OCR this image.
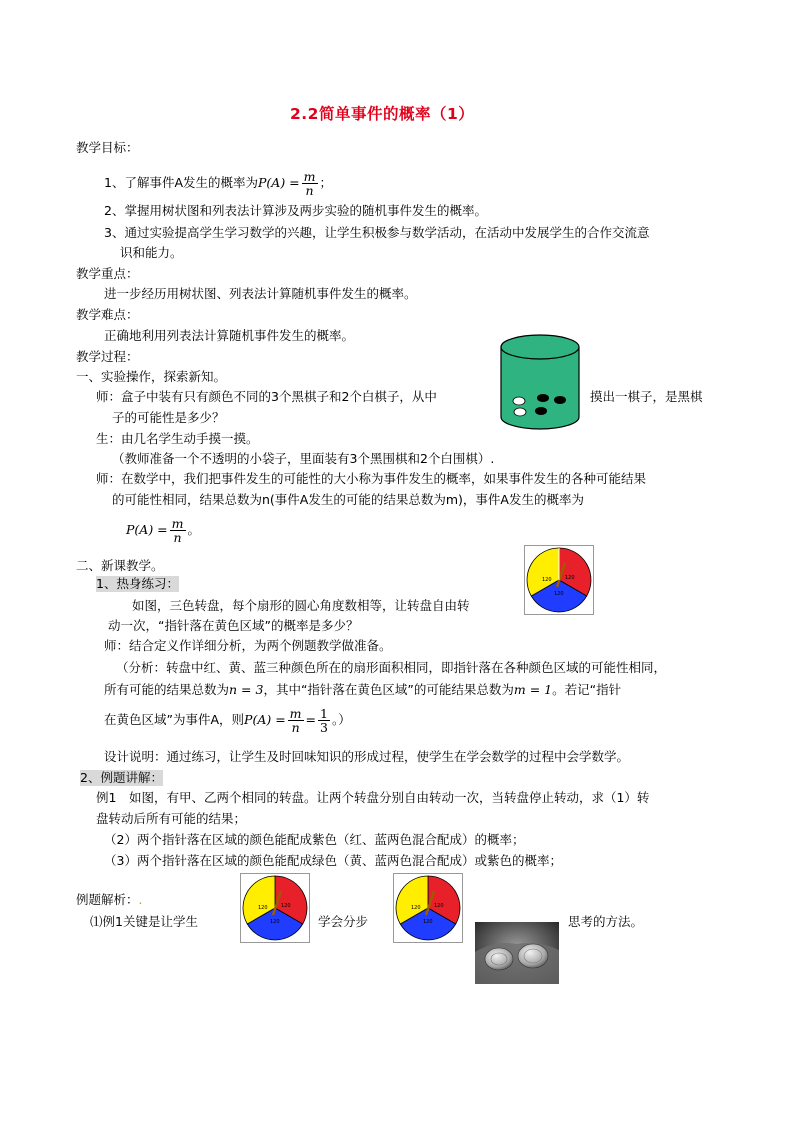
2.2简单事件的概率（1）
教学目标：
1、了解事件A发生的概率为$P(A) = \frac{m}{n}$ ；
2、掌握用树状图和列表法计算涉及两步实验的随机事件发生的概率。
3、通过实验提高学生学习数学的兴趣，让学生积极参与数学活动，在活动中发展学生的合作交流意
识和能力。
教学重点：
进一步经历用树状图、列表法计算随机事件发生的概率。
教学难点：
正确地利用列表法计算随机事件发生的概率。
教学过程：
一、实验操作，探索新知。
师：盒子中装有只有颜色不同的3个黑棋子和2个白棋子，从中	摸出一棋子，是黑棋
子的可能性是多少？
生：由几名学生动手摸一摸。
（教师准备一个不透明的小袋子，里面装有3个黑围棋和2个白围棋）.
师：在数学中，我们把事件发生的可能性的大小称为事件发生的概率，如果事件发生的各种可能结果
的可能性相同，结果总数为n(事件A发生的可能的结果总数为m)，事件A发生的概率为
$P(A) = \frac{m}{n}$ 。
二、新课教学。
1、热身练习：
如图，三色转盘，每个扇形的圆心角度数相等，让转盘自由转
动一次，“指针落在黄色区域”的概率是多少？
师：结合定义作详细分析，为两个例题教学做准备。
（分析：转盘中红、黄、蓝三种颜色所在的扇形面积相同，即指针落在各种颜色区域的可能性相同，
所有可能的结果总数为n = 3，其中“指针落在黄色区域”的可能结果总数为m = 1。若记“指针
在黄色区域”为事件A，则$P(A) = \frac{m}{n} = \frac{1}{3}$ 。）
设计说明：通过练习，让学生及时回味知识的形成过程，使学生在学会数学的过程中会学数学。
2、例题讲解：
例1　如图，有甲、乙两个相同的转盘。让两个转盘分别自由转动一次，当转盘停止转动，求（1）转
盘转动后所有可能的结果；
（2）两个指针落在区域的颜色能配成紫色（红、蓝两色混合配成）的概率；
（3）两个指针落在区域的颜色能配成绿色（黄、蓝两色混合配成）或紫色的概率；
例题解析：.
⑴例1关键是让学生	学会分步	思考的方法。
120	120
120
120	120
120
120	120
120
